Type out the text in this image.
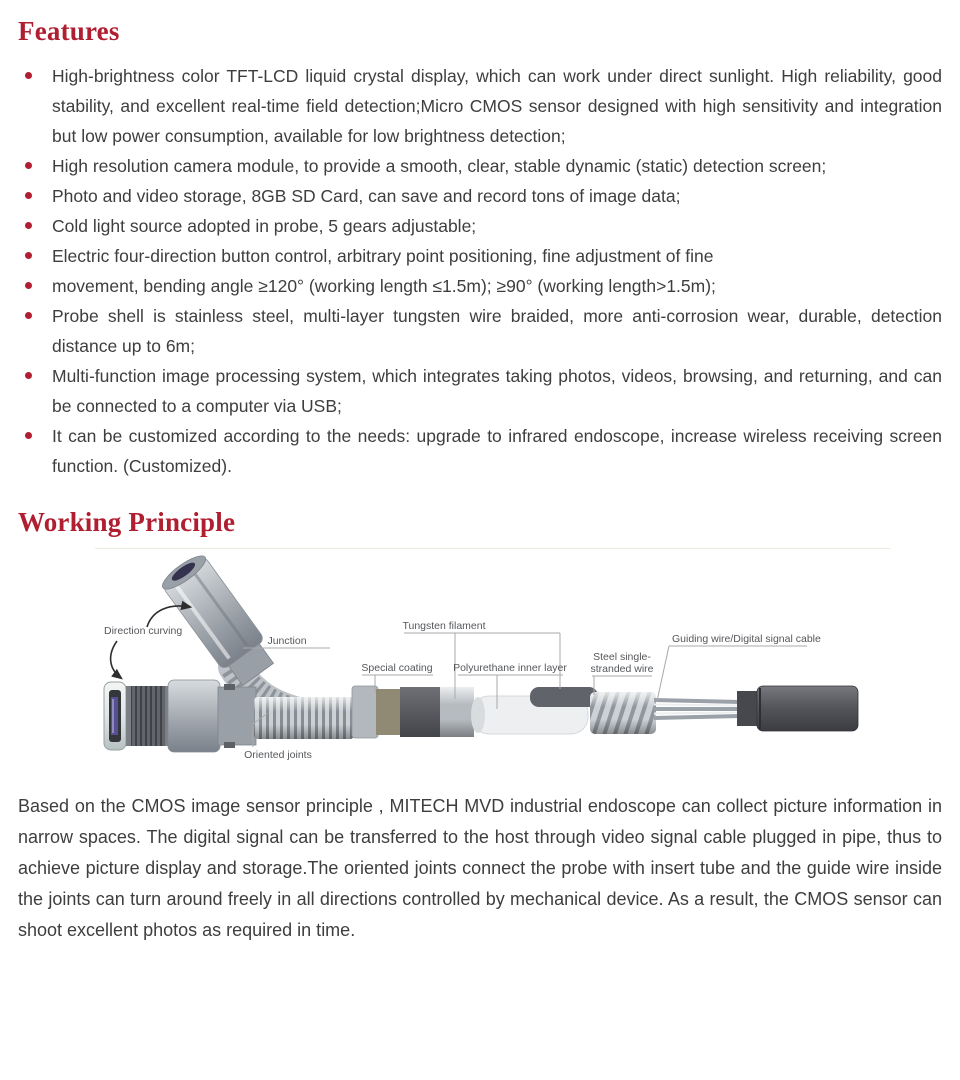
Features
High-brightness color TFT-LCD liquid crystal display, which can work under direct sunlight. High reliability, good stability, and excellent real-time field detection;Micro CMOS sensor designed with high sensitivity and integration but low power consumption, available for low brightness detection;
High resolution camera module, to provide a smooth, clear, stable dynamic (static) detection screen;
Photo and video storage, 8GB SD Card, can save and record tons of image data;
Cold light source adopted in probe, 5 gears adjustable;
Electric four-direction button control, arbitrary point positioning, fine adjustment of fine
movement, bending angle ≥120° (working length ≤1.5m); ≥90° (working length>1.5m);
Probe shell is stainless steel, multi-layer tungsten wire braided, more anti-corrosion wear, durable, detection distance up to 6m;
Multi-function image processing system, which integrates taking photos, videos, browsing, and returning, and can be connected to a computer via USB;
It can be customized according to the needs: upgrade to infrared endoscope, increase wireless receiving screen function. (Customized).
Working Principle
Direction curving
Junction
Oriented joints
Tungsten filament
Special coating Polyurethane inner layer
Steel single-
stranded wire
Guiding wire/Digital signal cable

Based on the CMOS image sensor principle , MITECH MVD industrial endoscope can collect picture information in narrow spaces. The digital signal can be transferred to the host through video signal cable plugged in pipe, thus to achieve picture display and storage.The oriented joints connect the probe with insert tube and the guide wire inside the joints can turn around freely in all directions controlled by mechanical device. As a result, the CMOS sensor can shoot excellent photos as required in time.
